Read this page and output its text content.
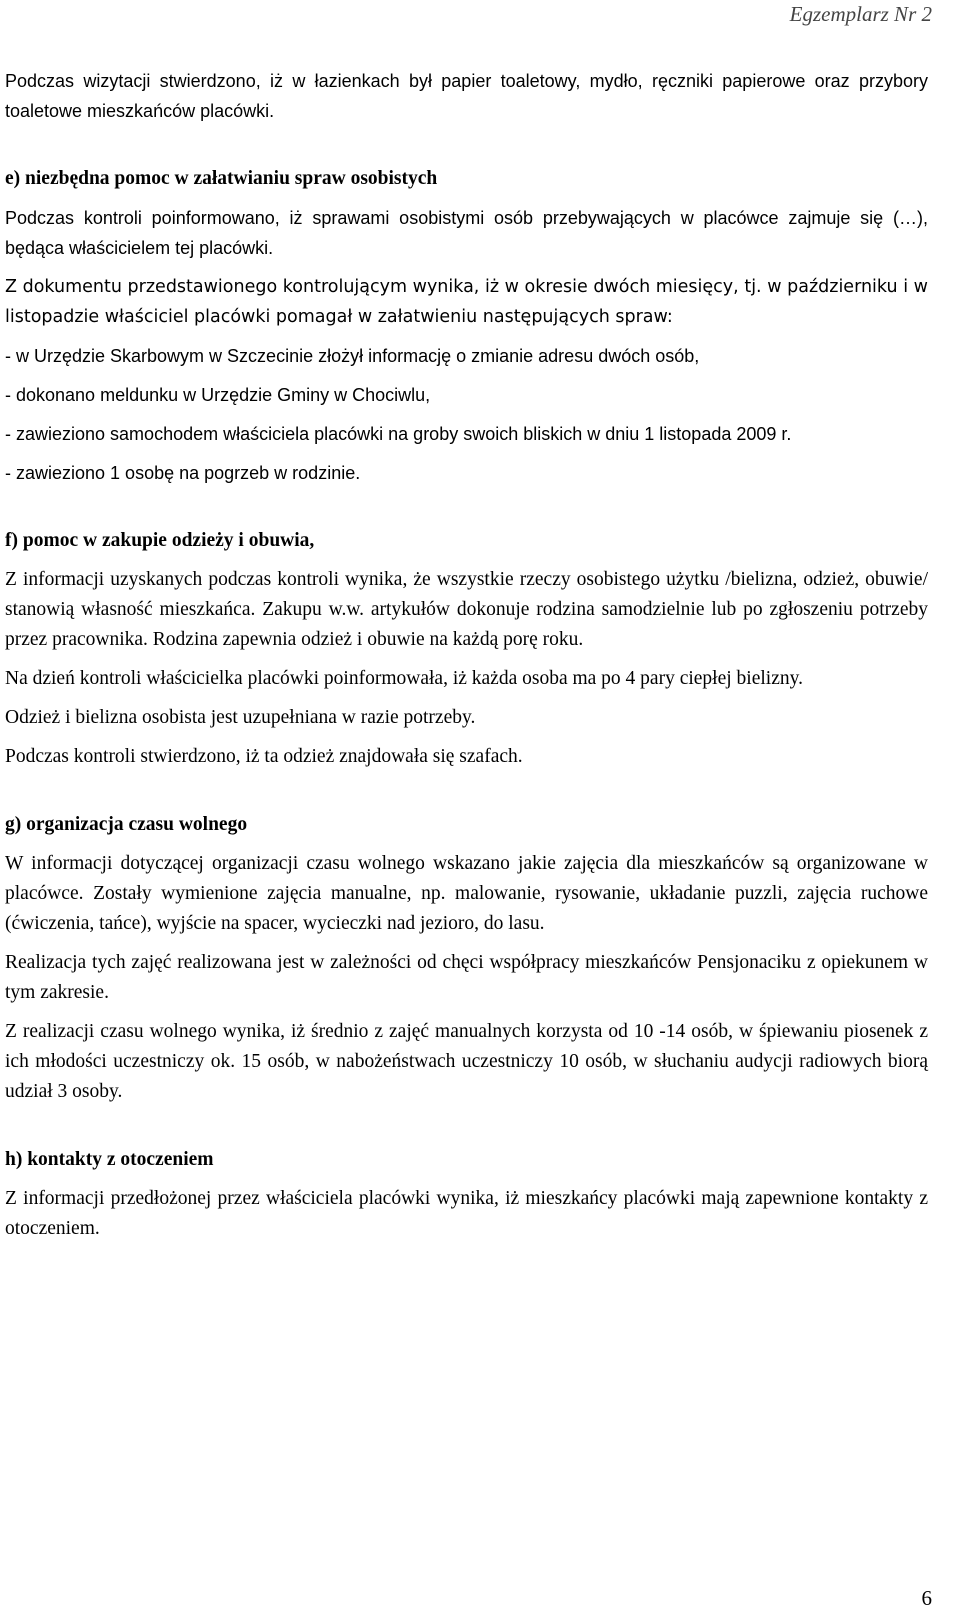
Egzemplarz Nr 2

Podczas wizytacji stwierdzono, iż w łazienkach był papier toaletowy, mydło, ręczniki papierowe oraz przybory toaletowe mieszkańców placówki.

e) niezbędna pomoc w załatwianiu spraw osobistych

Podczas kontroli poinformowano, iż sprawami osobistymi osób przebywających w placówce zajmuje się (…), będąca właścicielem tej placówki.

Z dokumentu przedstawionego kontrolującym wynika, iż w okresie dwóch miesięcy, tj. w październiku i w listopadzie właściciel placówki pomagał w załatwieniu następujących spraw:

- w Urzędzie Skarbowym w Szczecinie złożył informację o zmianie adresu dwóch osób,

- dokonano meldunku w Urzędzie Gminy w Chociwlu,

- zawieziono samochodem właściciela placówki na groby swoich bliskich w dniu 1 listopada 2009 r.

- zawieziono 1 osobę na pogrzeb w rodzinie.

f) pomoc w zakupie odzieży i obuwia,

Z informacji uzyskanych podczas kontroli wynika, że wszystkie rzeczy osobistego użytku /bielizna, odzież, obuwie/ stanowią własność mieszkańca. Zakupu w.w. artykułów dokonuje rodzina samodzielnie lub po zgłoszeniu potrzeby przez pracownika. Rodzina zapewnia odzież i obuwie na każdą porę roku.

Na dzień kontroli właścicielka placówki poinformowała, iż każda osoba ma po 4 pary ciepłej bielizny.

Odzież i bielizna osobista jest uzupełniana w razie potrzeby.

Podczas kontroli stwierdzono, iż ta odzież znajdowała się szafach.

g) organizacja czasu wolnego

W informacji dotyczącej organizacji czasu wolnego wskazano jakie zajęcia dla mieszkańców są organizowane w placówce. Zostały wymienione zajęcia manualne, np. malowanie, rysowanie, układanie puzzli, zajęcia ruchowe (ćwiczenia, tańce), wyjście na spacer, wycieczki nad jezioro, do lasu.

Realizacja tych zajęć realizowana jest w zależności od chęci współpracy mieszkańców Pensjonaciku z opiekunem w tym zakresie.

Z realizacji czasu wolnego wynika, iż średnio z zajęć manualnych korzysta od 10 -14 osób, w śpiewaniu piosenek z ich młodości uczestniczy ok. 15 osób, w nabożeństwach uczestniczy 10 osób, w słuchaniu audycji radiowych biorą udział 3 osoby.

h) kontakty z otoczeniem

Z informacji przedłożonej przez właściciela placówki wynika, iż mieszkańcy placówki mają zapewnione kontakty z otoczeniem.

6
